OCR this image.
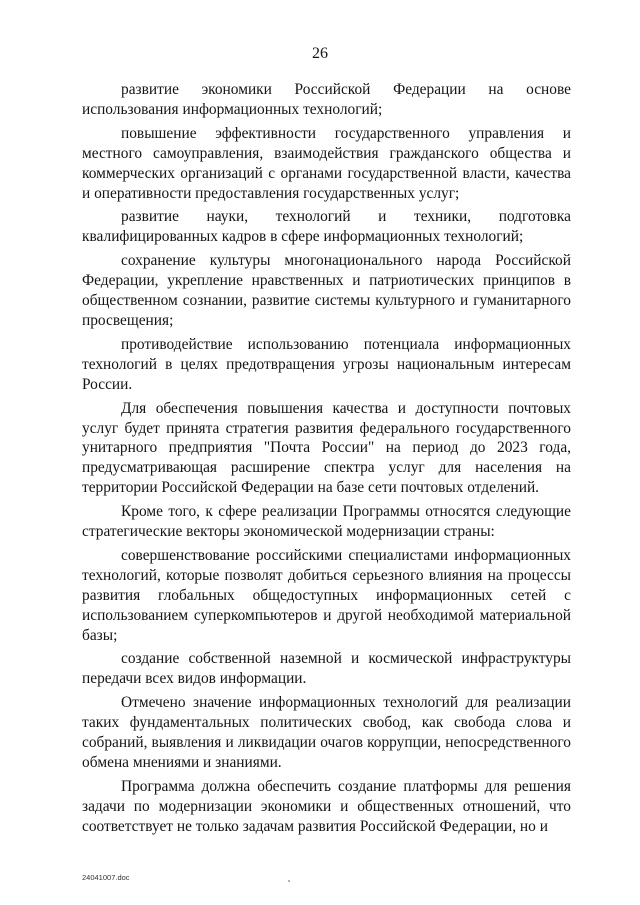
26

развитие экономики Российской Федерации на основе использования информационных технологий;

повышение эффективности государственного управления и местного самоуправления, взаимодействия гражданского общества и коммерческих организаций с органами государственной власти, качества и оперативности предоставления государственных услуг;

развитие науки, технологий и техники, подготовка квалифицированных кадров в сфере информационных технологий;

сохранение культуры многонационального народа Российской Федерации, укрепление нравственных и патриотических принципов в общественном сознании, развитие системы культурного и гуманитарного просвещения;

противодействие использованию потенциала информационных технологий в целях предотвращения угрозы национальным интересам России.

Для обеспечения повышения качества и доступности почтовых услуг будет принята стратегия развития федерального государственного унитарного предприятия "Почта России" на период до 2023 года, предусматривающая расширение спектра услуг для населения на территории Российской Федерации на базе сети почтовых отделений.

Кроме того, к сфере реализации Программы относятся следующие стратегические векторы экономической модернизации страны:

совершенствование российскими специалистами информационных технологий, которые позволят добиться серьезного влияния на процессы развития глобальных общедоступных информационных сетей с использованием суперкомпьютеров и другой необходимой материальной базы;

создание собственной наземной и космической инфраструктуры передачи всех видов информации.

Отмечено значение информационных технологий для реализации таких фундаментальных политических свобод, как свобода слова и собраний, выявления и ликвидации очагов коррупции, непосредственного обмена мнениями и знаниями.

Программа должна обеспечить создание платформы для решения задачи по модернизации экономики и общественных отношений, что соответствует не только задачам развития Российской Федерации, но и

24041007.doc
